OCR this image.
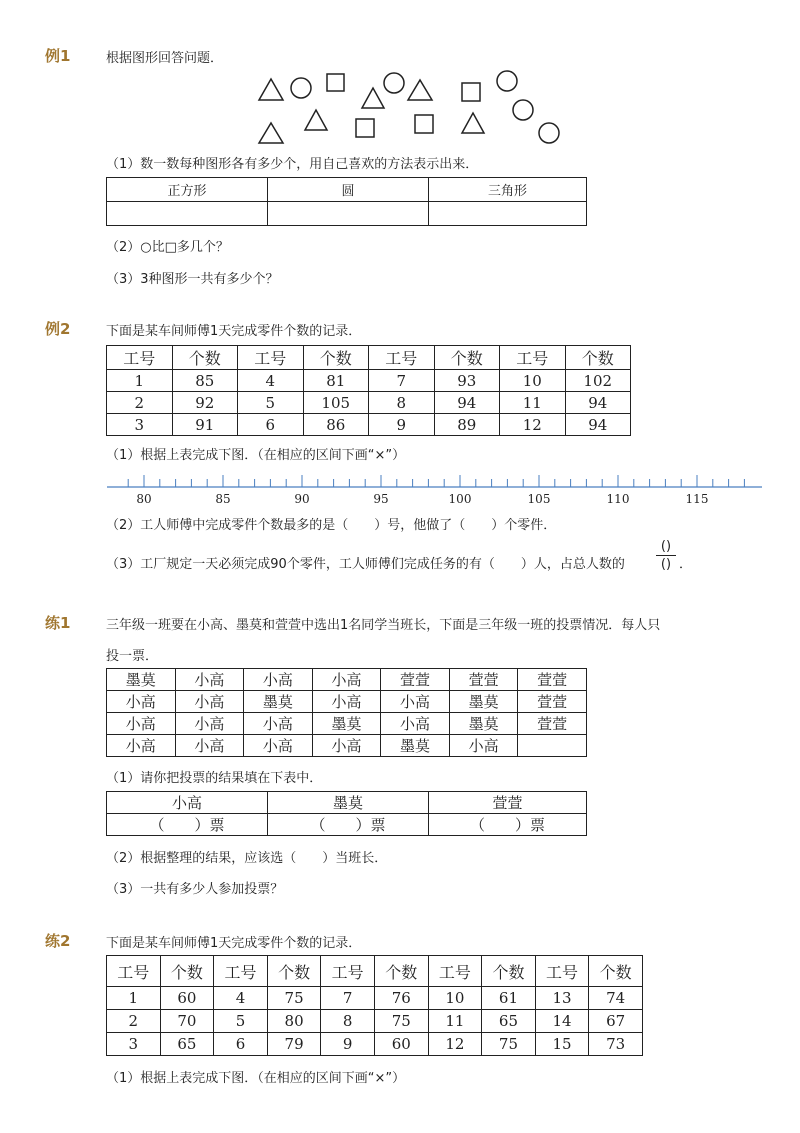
例1	根据图形回答问题．
（1）数一数每种图形各有多少个，用自己喜欢的方法表示出来．
正方形	圆	三角形

（2）○比□多几个？
（3）3种图形一共有多少个？
例2	下面是某车间师傅1天完成零件个数的记录．
工号	个数	工号	个数	工号	个数	工号	个数
1	85	4	81	7	93	10	102
2	92	5	105	8	94	11	94
3	91	6	86	9	89	12	94
（1）根据上表完成下图．（在相应的区间下画“×”）
80	85	90	95	100	105	110	115
（2）工人师傅中完成零件个数最多的是（　　）号，他做了（　　）个零件．
（3）工厂规定一天必须完成90个零件，工人师傅们完成任务的有（　　）人，占总人数的
()
() ．
练1	三年级一班要在小高、墨莫和萱萱中选出1名同学当班长，下面是三年级一班的投票情况．每人只
投一票．
墨莫	小高	小高	小高	萱萱	萱萱	萱萱
小高	小高	墨莫	小高	小高	墨莫	萱萱
小高	小高	小高	墨莫	小高	墨莫	萱萱
小高	小高	小高	小高	墨莫	小高	
（1）请你把投票的结果填在下表中．
小高	墨莫	萱萱
（　　）票	（　　）票	（　　）票
（2）根据整理的结果，应该选（　　）当班长．
（3）一共有多少人参加投票？
练2	下面是某车间师傅1天完成零件个数的记录．
工号	个数	工号	个数	工号	个数	工号	个数	工号	个数
1	60	4	75	7	76	10	61	13	74
2	70	5	80	8	75	11	65	14	67
3	65	6	79	9	60	12	75	15	73
（1）根据上表完成下图．（在相应的区间下画“×”）
